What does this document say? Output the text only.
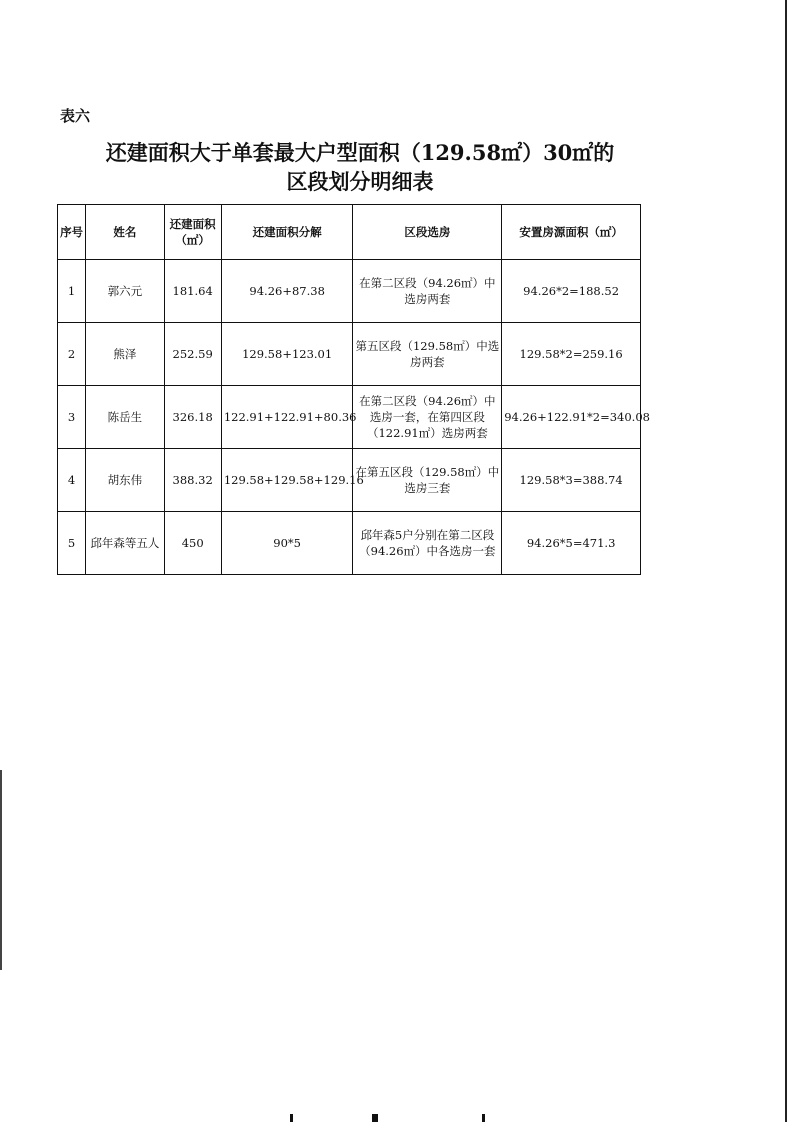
表六
还建面积大于单套最大户型面积（129.58㎡）30㎡的
区段划分明细表
序号	姓名	还建面积（㎡）	还建面积分解	区段选房	安置房源面积（㎡）
1	郭六元	181.64	94.26+87.38	在第二区段（94.26㎡）中选房两套	94.26*2=188.52
2	熊泽	252.59	129.58+123.01	第五区段（129.58㎡）中选房两套	129.58*2=259.16
3	陈岳生	326.18	122.91+122.91+80.36	在第二区段（94.26㎡）中选房一套，在第四区段（122.91㎡）选房两套	94.26+122.91*2=340.08
4	胡东伟	388.32	129.58+129.58+129.16	在第五区段（129.58㎡）中选房三套	129.58*3=388.74
5	邱年森等五人	450	90*5	邱年森5户分别在第二区段（94.26㎡）中各选房一套	94.26*5=471.3
